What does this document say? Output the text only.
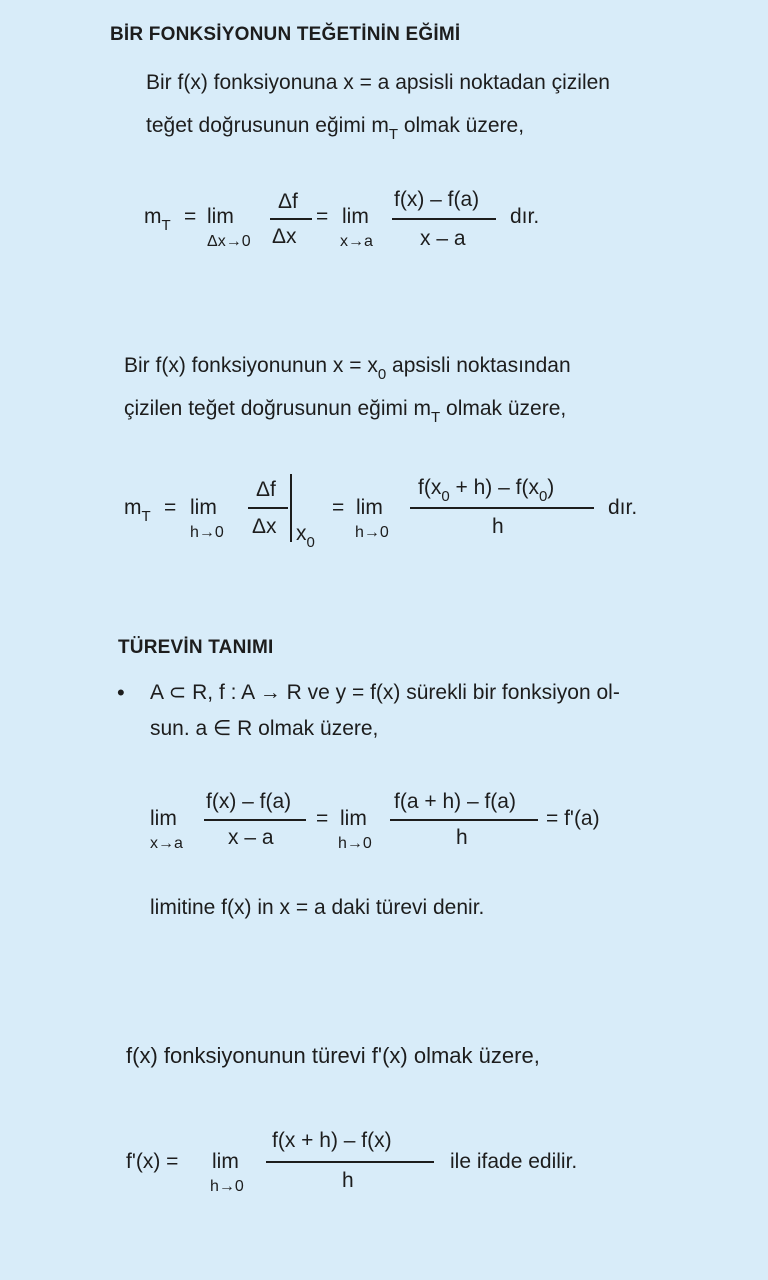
BİR FONKSİYONUN TEĞETİNİN EĞİMİ
Bir f(x) fonksiyonuna x = a apsisli noktadan çizilen
teğet doğrusunun eğimi $m_T$ olmak üzere,
$m_T = \lim$
Δx→0
Δf
Δx
= lim
x→a
f(x) – f(a)
x – a
dır.
Bir f(x) fonksiyonunun $x = x_0$ apsisli noktasından
çizilen teğet doğrusunun eğimi $m_T$ olmak üzere,
$m_T = \lim$
h→0
Δf
Δx $x_0$
= lim
h→0
$f(x_0 + h) - f(x_0)$
h
dır.
TÜREVİN TANIMI
• A ⊂ R, f : A → R ve y = f(x) sürekli bir fonksiyon ol-
sun. a ∈ R olmak üzere,
lim
x→a
f(x) – f(a)
x – a
= lim
h→0
f(a + h) – f(a)
h
= f'(a)
limitine f(x) in x = a daki türevi denir.
f(x) fonksiyonunun türevi f'(x) olmak üzere,
f'(x) = lim
h→0
f(x + h) – f(x)
h
ile ifade edilir.
